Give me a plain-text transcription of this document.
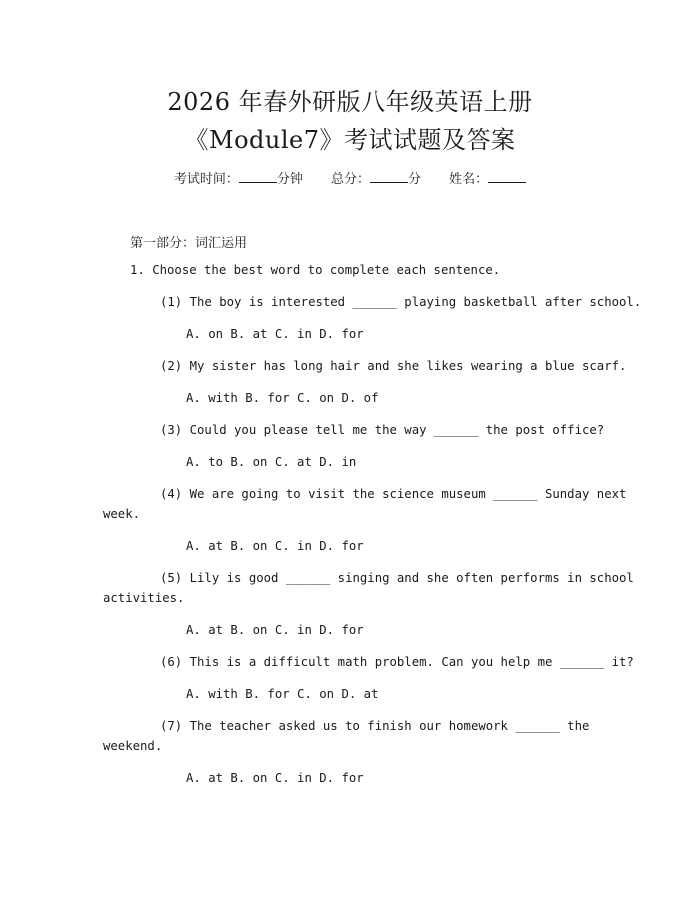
2026 年春外研版八年级英语上册
《Module7》考试试题及答案
考试时间：	分钟 总分：	分 姓名：
第一部分：词汇运用
1. Choose the best word to complete each sentence.
(1) The boy is interested ______ playing basketball after school.
A. on B. at C. in D. for
(2) My sister has long hair and she likes wearing a blue scarf.
A. with B. for C. on D. of
(3) Could you please tell me the way ______ the post office?
A. to B. on C. at D. in
(4) We are going to visit the science museum ______ Sunday next
week.
A. at B. on C. in D. for
(5) Lily is good ______ singing and she often performs in school
activities.
A. at B. on C. in D. for
(6) This is a difficult math problem. Can you help me ______ it?
A. with B. for C. on D. at
(7) The teacher asked us to finish our homework ______ the
weekend.
A. at B. on C. in D. for
